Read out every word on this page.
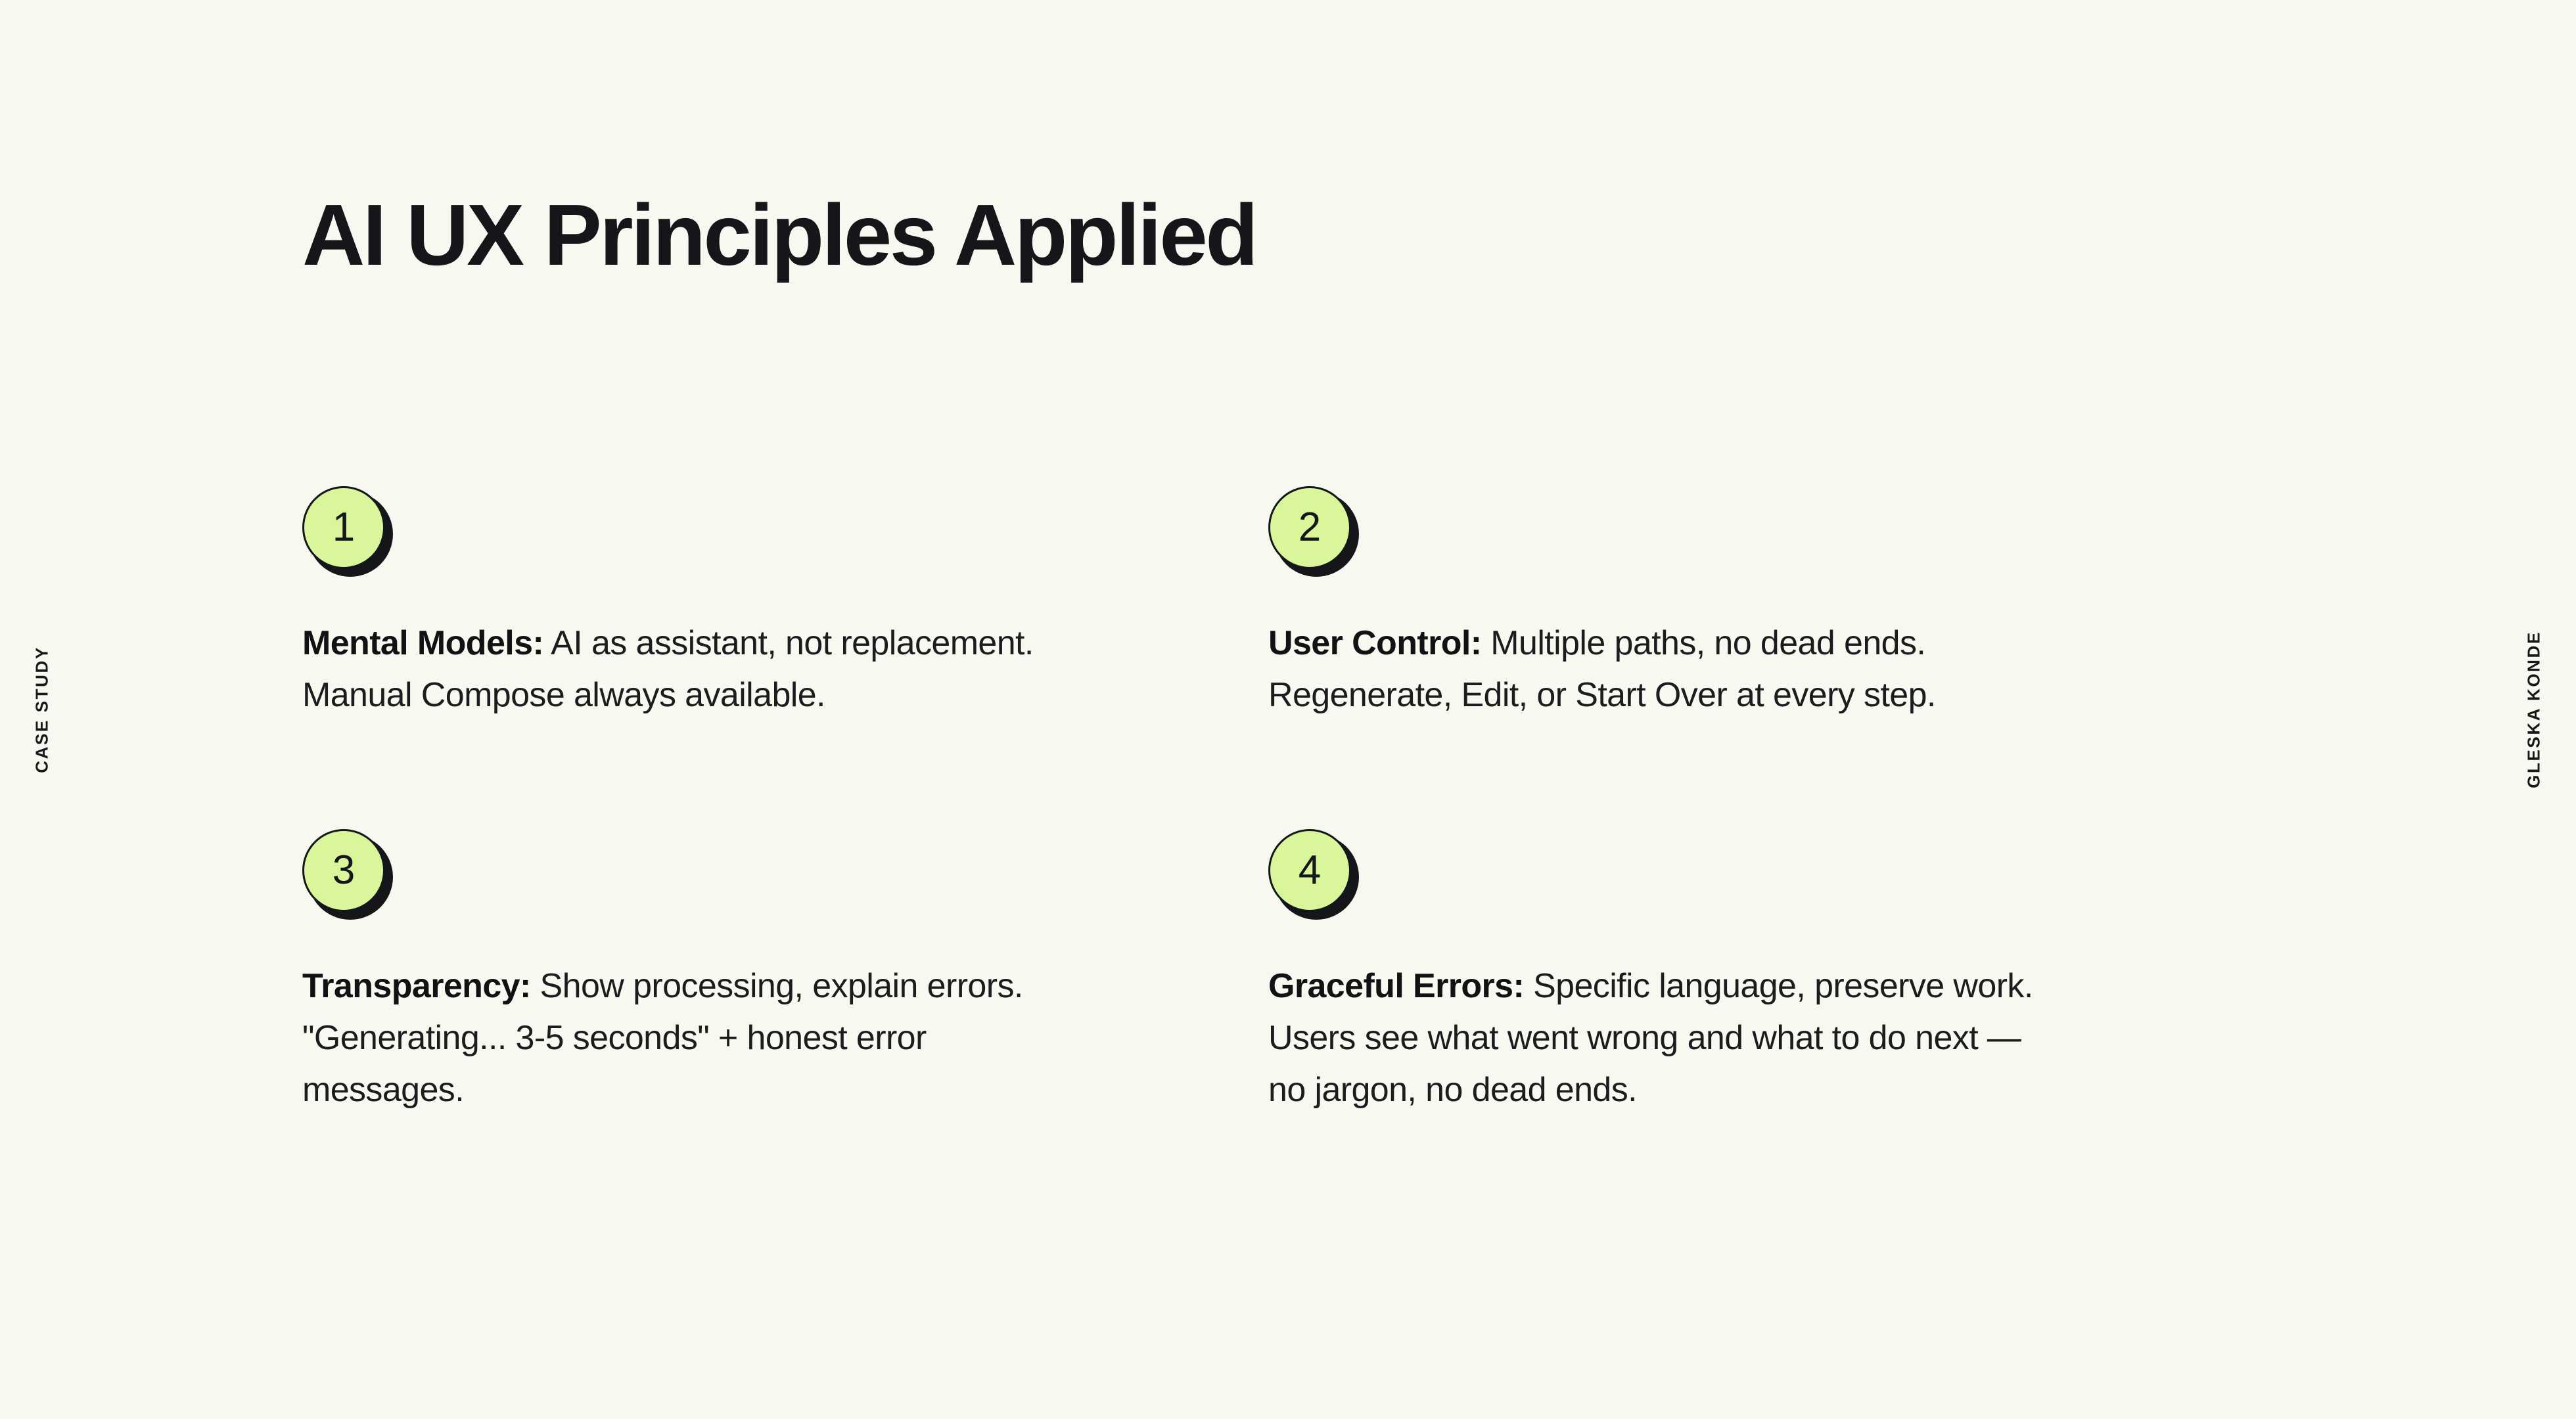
CASE STUDY	GLESKA KONDE
AI UX Principles Applied
1

Mental Models: AI as assistant, not replacement. Manual Compose always available.

2

User Control: Multiple paths, no dead ends. Regenerate, Edit, or Start Over at every step.

3

Transparency: Show processing, explain errors. "Generating... 3-5 seconds" + honest error messages.

4

Graceful Errors: Specific language, preserve work. Users see what went wrong and what to do next — no jargon, no dead ends.
